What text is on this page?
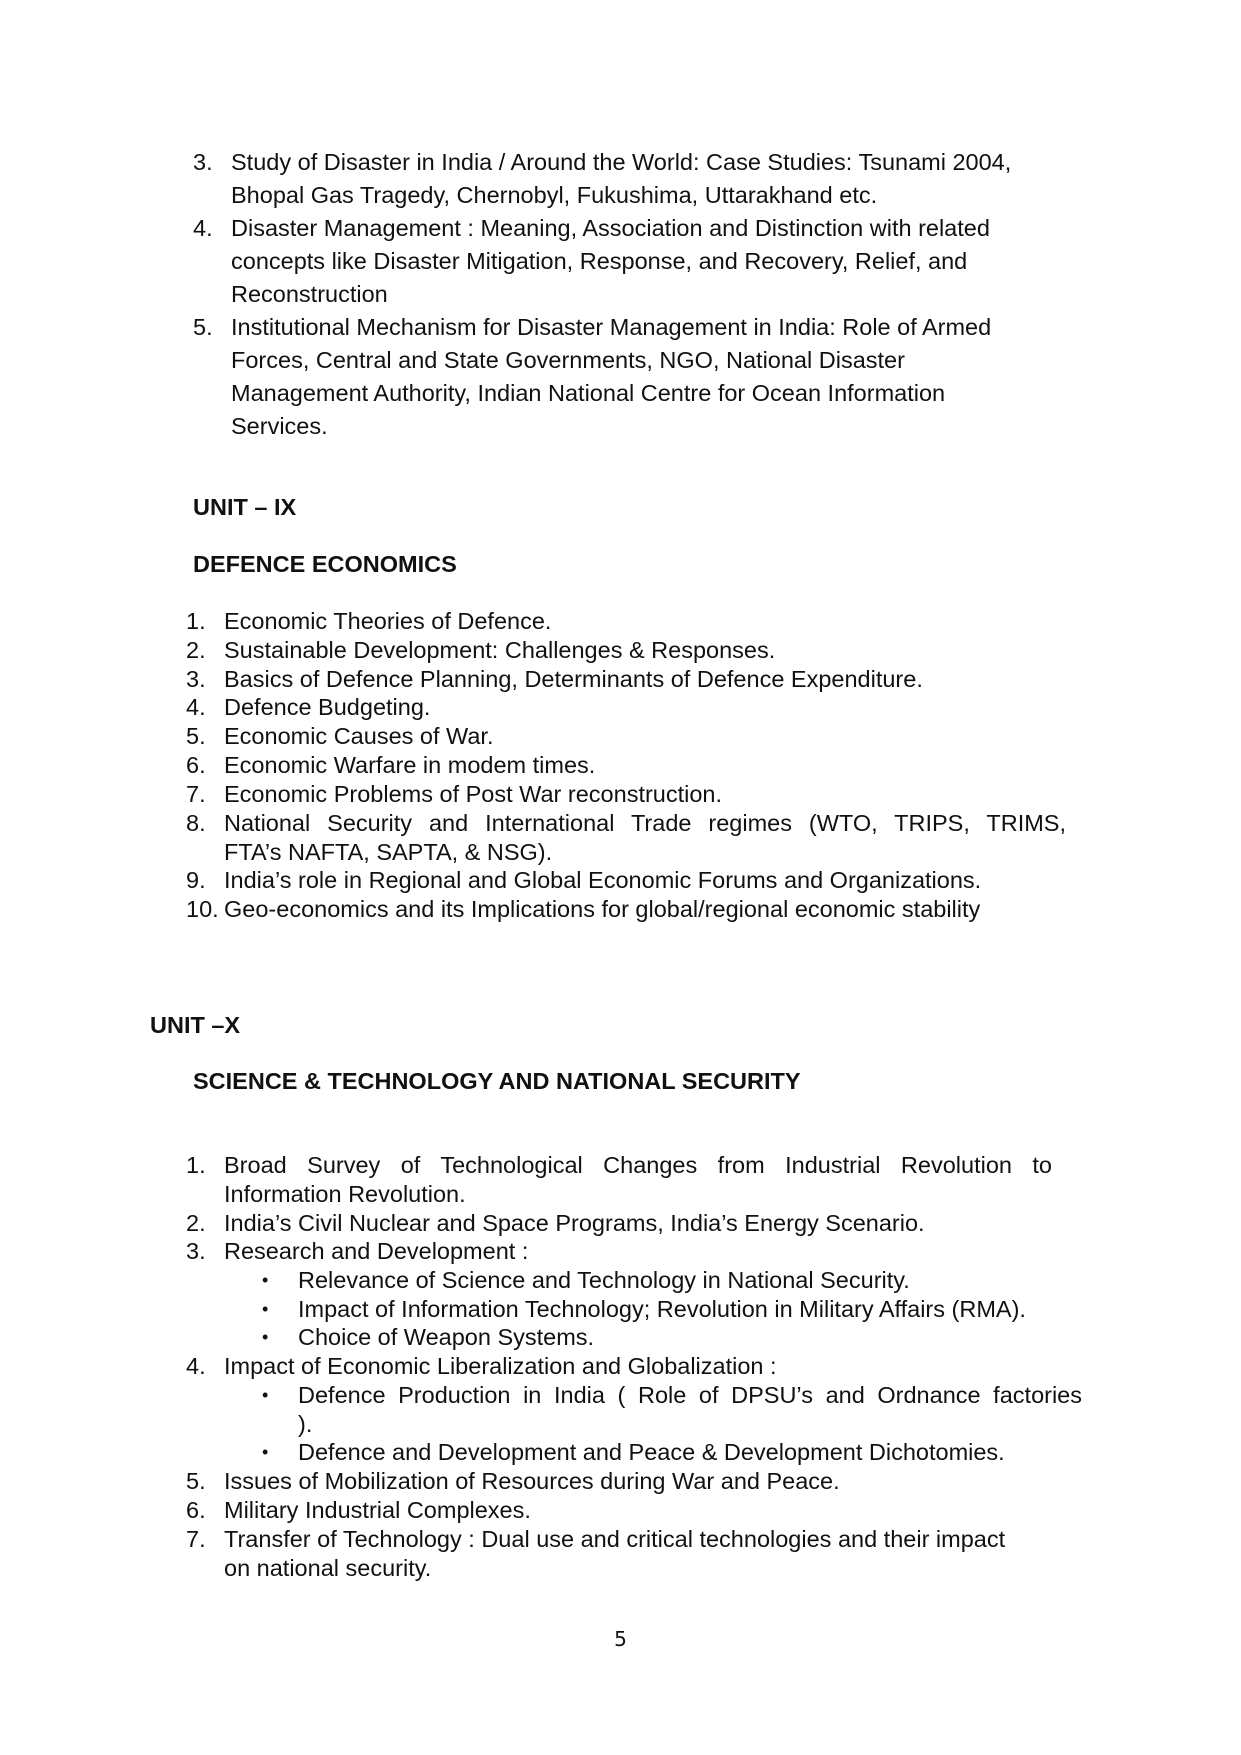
3. Study of Disaster in India / Around the World: Case Studies: Tsunami 2004,
Bhopal Gas Tragedy, Chernobyl, Fukushima, Uttarakhand etc.
4. Disaster Management : Meaning, Association and Distinction with related
concepts like Disaster Mitigation, Response, and Recovery, Relief, and
Reconstruction
5. Institutional Mechanism for Disaster Management in India: Role of Armed
Forces, Central and State Governments, NGO, National Disaster
Management Authority, Indian National Centre for Ocean Information
Services.
UNIT – IX
DEFENCE ECONOMICS
1. Economic Theories of Defence.
2. Sustainable Development: Challenges & Responses.
3. Basics of Defence Planning, Determinants of Defence Expenditure.
4. Defence Budgeting.
5. Economic Causes of War.
6. Economic Warfare in modem times.
7. Economic Problems of Post War reconstruction.
8. National Security and International Trade regimes (WTO, TRIPS, TRIMS,
FTA’s NAFTA, SAPTA, & NSG).
9. India’s role in Regional and Global Economic Forums and Organizations.
10. Geo-economics and its Implications for global/regional economic stability
UNIT –X
SCIENCE & TECHNOLOGY AND NATIONAL SECURITY
1. Broad Survey of Technological Changes from Industrial Revolution to
Information Revolution.
2. India’s Civil Nuclear and Space Programs, India’s Energy Scenario.
3. Research and Development :
• Relevance of Science and Technology in National Security.
• Impact of Information Technology; Revolution in Military Affairs (RMA).
• Choice of Weapon Systems.
4. Impact of Economic Liberalization and Globalization :
• Defence Production in India ( Role of DPSU’s and Ordnance factories
).
• Defence and Development and Peace & Development Dichotomies.
5. Issues of Mobilization of Resources during War and Peace.
6. Military Industrial Complexes.
7. Transfer of Technology : Dual use and critical technologies and their impact
on national security.
5
